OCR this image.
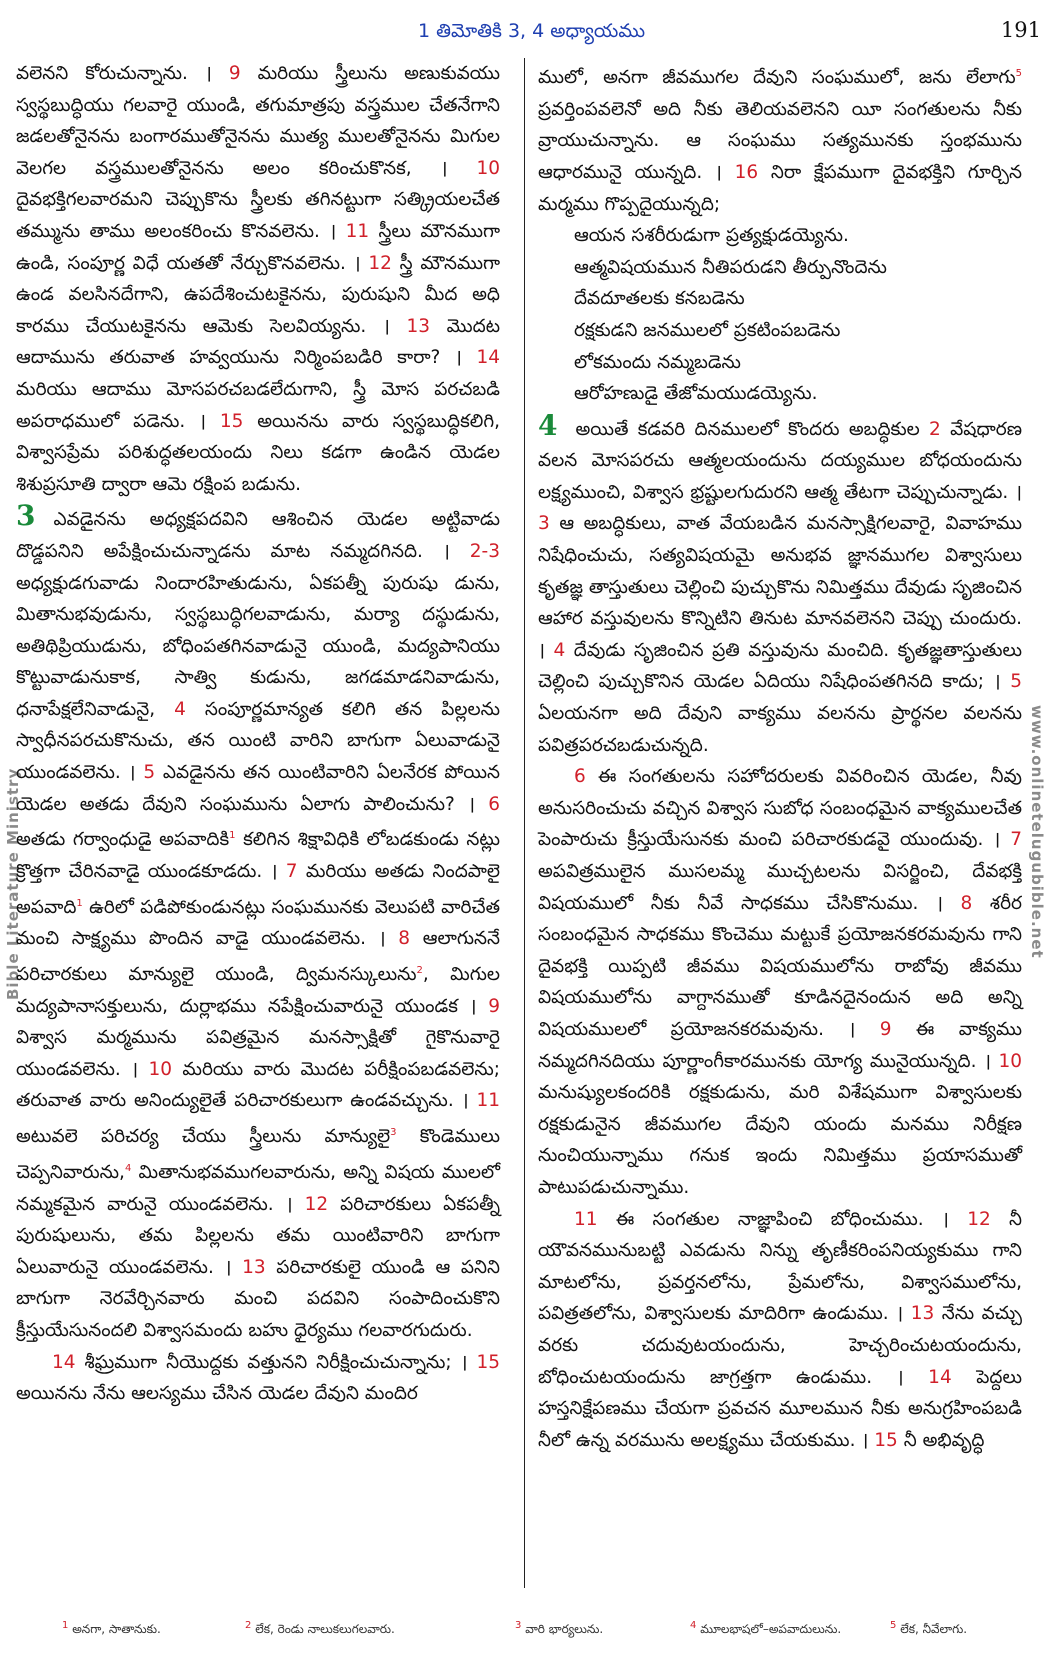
1 తిమోతికి 3, 4 అధ్యాయము	191
Bible Literature Ministry	www.onlinetelugubible.net

వలెనని కోరుచున్నాను. । 9 మరియు స్త్రీలును అణుకువయు స్వస్థబుద్ధియు గలవారై యుండి, తగుమాత్రపు వస్త్రముల చేతనేగాని జడలతోనైనను బంగారముతోనైనను ముత్య ములతోనైనను మిగుల వెలగల వస్త్రములతోనైనను అలం కరించుకొనక, । 10 దైవభక్తిగలవారమని చెప్పుకొను స్త్రీలకు తగినట్టుగా సత్క్రియలచేత తమ్మును తాము అలంకరించు కొనవలెను. । 11 స్త్రీలు మౌనముగా ఉండి, సంపూర్ణ విధే యతతో నేర్చుకొనవలెను. । 12 స్త్రీ మౌనముగా ఉండ వలసినదేగాని, ఉపదేశించుటకైనను, పురుషుని మీద అధి కారము చేయుటకైనను ఆమెకు సెలవియ్యను. । 13 మొదట ఆదామును తరువాత హవ్వయును నిర్మింపబడిరి కారా? । 14 మరియు ఆదాము మోసపరచబడలేదుగాని, స్త్రీ మోస పరచబడి అపరాధములో పడెను. । 15 అయినను వారు స్వస్థబుద్ధికలిగి, విశ్వాసప్రేమ పరిశుద్ధతలయందు నిలు కడగా ఉండిన యెడల శిశుప్రసూతి ద్వారా ఆమె రక్షింప బడును.

3 ఎవడైనను అధ్యక్షపదవిని ఆశించిన యెడల అట్టివాడు దొడ్డపనిని అపేక్షించుచున్నాడను మాట నమ్మదగినది. । 2-3 అధ్యక్షుడగువాడు నిందారహితుడును, ఏకపత్నీ పురుషు డును, మితానుభవుడును, స్వస్థబుద్ధిగలవాడును, మర్యా దస్థుడును, అతిథిప్రియుడును, బోధింపతగినవాడునై యుండి, మద్యపానియు కొట్టువాడునుకాక, సాత్వి కుడును, జగడమాడనివాడును, ధనాపేక్షలేనివాడునై, 4 సంపూర్ణమాన్యత కలిగి తన పిల్లలను స్వాధీనపరచుకొనుచు, తన యింటి వారిని బాగుగా ఏలువాడునై యుండవలెను. । 5 ఎవడైనను తన యింటివారిని ఏలనేరక పోయిన యెడల అతడు దేవుని సంఘమును ఏలాగు పాలించును? । 6 అతడు గర్వాంధుడై అపవాదికి$^1$ కలిగిన శిక్షావిధికి లోబడకుండు నట్లు క్రొత్తగా చేరినవాడై యుండకూడదు. । 7 మరియు అతడు నిందపాలై అపవాది$^1$ ఉరిలో పడిపోకుండునట్లు సంఘమునకు వెలుపటి వారిచేత మంచి సాక్ష్యము పొందిన వాడై యుండవలెను. । 8 ఆలాగుననే పరిచారకులు మాన్యులై యుండి, ద్విమనస్కులును$^2$, మిగుల మద్యపానాసక్తులును, దుర్లాభము నపేక్షించువారునై యుండక । 9 విశ్వాస మర్మమును పవిత్రమైన మనస్సాక్షితో గైకొనువారై యుండవలెను. । 10 మరియు వారు మొదట పరీక్షింపబడవలెను; తరువాత వారు అనింద్యులైతే పరిచారకులుగా ఉండవచ్చును. । 11 అటువలె పరిచర్య చేయు స్త్రీలును మాన్యులై$^3$ కొండెములు చెప్పనివారును,$^4$ మితానుభవముగలవారును, అన్ని విషయ ములలో నమ్మకమైన వారునై యుండవలెను. । 12 పరిచారకులు ఏకపత్నీ పురుషులును, తమ పిల్లలను తమ యింటివారిని బాగుగా ఏలువారునై యుండవలెను. । 13 పరిచారకులై యుండి ఆ పనిని బాగుగా నెరవేర్చినవారు మంచి పదవిని సంపాదించుకొని క్రీస్తుయేసునందలి విశ్వాసమందు బహు ధైర్యము గలవారగుదురు.

14 శీఘ్రముగా నీయొద్దకు వత్తునని నిరీక్షించుచున్నాను; । 15 అయినను నేను ఆలస్యము చేసిన యెడల దేవుని మందిర

ములో, అనగా జీవముగల దేవుని సంఘములో, జను లేలాగు$^5$ ప్రవర్తింపవలెనో అది నీకు తెలియవలెనని యీ సంగతులను నీకు వ్రాయుచున్నాను. ఆ సంఘము సత్యమునకు స్తంభమును ఆధారమునై యున్నది. । 16 నిరా క్షేపముగా దైవభక్తిని గూర్చిన మర్మము గొప్పదైయున్నది;

ఆయన సశరీరుడుగా ప్రత్యక్షుడయ్యెను.
ఆత్మవిషయమున నీతిపరుడని తీర్పునొందెను
దేవదూతలకు కనబడెను
రక్షకుడని జనములలో ప్రకటింపబడెను
లోకమందు నమ్మబడెను
ఆరోహణుడై తేజోమయుడయ్యెను.

4 అయితే కడవరి దినములలో కొందరు అబద్ధికుల 2 వేషధారణ వలన మోసపరచు ఆత్మలయందును దయ్యముల బోధయందును లక్ష్యముంచి, విశ్వాస భ్రష్టులగుదురని ఆత్మ తేటగా చెప్పుచున్నాడు. । 3 ఆ అబద్ధికులు, వాత వేయబడిన మనస్సాక్షిగలవారై, వివాహము నిషేధించుచు, సత్యవిషయమై అనుభవ జ్ఞానముగల విశ్వాసులు కృతజ్ఞ తాస్తుతులు చెల్లించి పుచ్చుకొను నిమిత్తము దేవుడు సృజించిన ఆహార వస్తువులను కొన్నిటిని తినుట మానవలెనని చెప్పు చుందురు. । 4 దేవుడు సృజించిన ప్రతి వస్తువును మంచిది. కృతజ్ఞతాస్తుతులు చెల్లించి పుచ్చుకొనిన యెడల ఏదియు నిషేధింపతగినది కాదు; । 5 ఏలయనగా అది దేవుని వాక్యము వలనను ప్రార్థనల వలనను పవిత్రపరచబడుచున్నది.

6 ఈ సంగతులను సహోదరులకు వివరించిన యెడల, నీవు అనుసరించుచు వచ్చిన విశ్వాస సుబోధ సంబంధమైన వాక్యములచేత పెంపారుచు క్రీస్తుయేసునకు మంచి పరిచారకుడవై యుందువు. । 7 అపవిత్రములైన ముసలమ్మ ముచ్చటలను విసర్జించి, దేవభక్తి విషయములో నీకు నీవే సాధకము చేసికొనుము. । 8 శరీర సంబంధమైన సాధకము కొంచెము మట్టుకే ప్రయోజనకరమవును గాని దైవభక్తి యిప్పటి జీవము విషయములోను రాబోవు జీవము విషయములోను వాగ్దానముతో కూడినదైనందున అది అన్ని విషయములలో ప్రయోజనకరమవును. । 9 ఈ వాక్యము నమ్మదగినదియు పూర్ణాంగీకారమునకు యోగ్య మునైయున్నది. । 10 మనుష్యులకందరికి రక్షకుడును, మరి విశేషముగా విశ్వాసులకు రక్షకుడునైన జీవముగల దేవుని యందు మనము నిరీక్షణ నుంచియున్నాము గనుక ఇందు నిమిత్తము ప్రయాసముతో పాటుపడుచున్నాము.

11 ఈ సంగతుల నాజ్ఞాపించి బోధించుము. । 12 నీ యౌవనమునుబట్టి ఎవడును నిన్ను తృణీకరింపనియ్యకుము గాని మాటలోను, ప్రవర్తనలోను, ప్రేమలోను, విశ్వాసములోను, పవిత్రతలోను, విశ్వాసులకు మాదిరిగా ఉండుము. । 13 నేను వచ్చు వరకు చదువుటయందును, హెచ్చరించుటయందును, బోధించుటయందును జాగ్రత్తగా ఉండుము. । 14 పెద్దలు హస్తనిక్షేపణము చేయగా ప్రవచన మూలమున నీకు అనుగ్రహింపబడి నీలో ఉన్న వరమును అలక్ష్యము చేయకుము. । 15 నీ అభివృద్ధి

$^1$ అనగా, సాతానుకు.	$^2$ లేక, రెండు నాలుకలుగలవారు.	$^3$ వారి భార్యలును.	$^4$ మూలభాషలో–అపవాదులును.	$^5$ లేక, నీవేలాగు.
